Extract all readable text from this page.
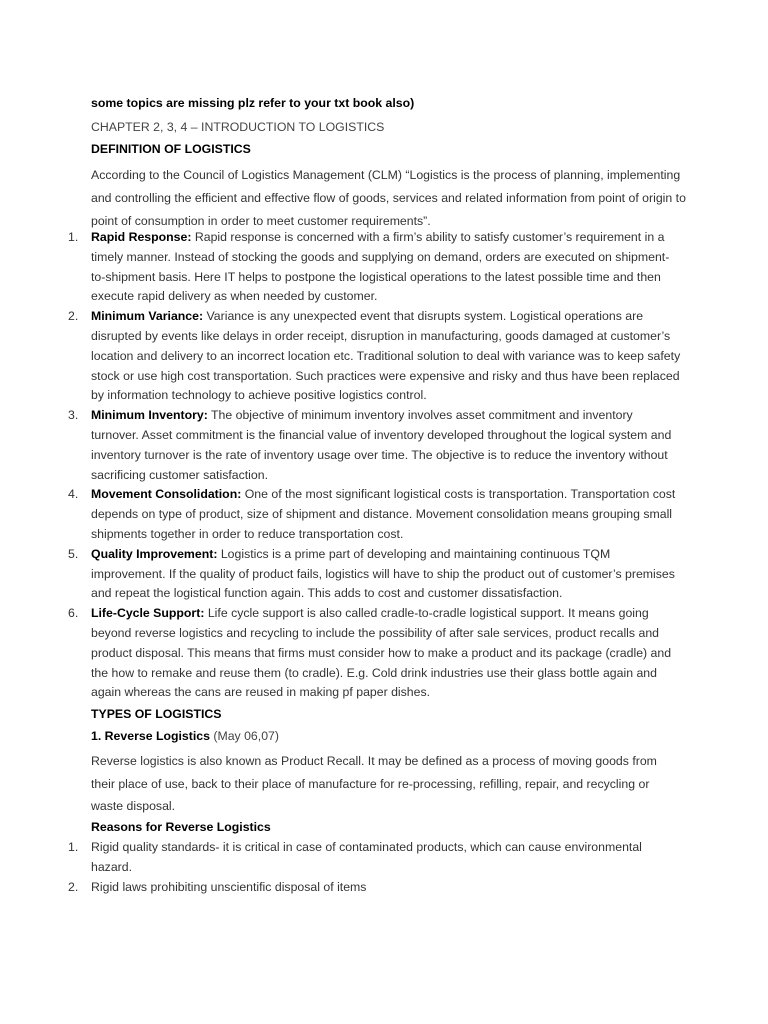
some topics are missing plz refer to your txt book also)
CHAPTER 2, 3, 4 – INTRODUCTION TO LOGISTICS
DEFINITION OF LOGISTICS
According to the Council of Logistics Management (CLM) “Logistics is the process of planning, implementing and controlling the efficient and effective flow of goods, services and related information from point of origin to point of consumption in order to meet customer requirements”.
1.	Rapid Response: Rapid response is concerned with a firm’s ability to satisfy customer’s requirement in a timely manner. Instead of stocking the goods and supplying on demand, orders are executed on shipment-to-shipment basis. Here IT helps to postpone the logistical operations to the latest possible time and then execute rapid delivery as when needed by customer.
2.	Minimum Variance: Variance is any unexpected event that disrupts system. Logistical operations are disrupted by events like delays in order receipt, disruption in manufacturing, goods damaged at customer’s location and delivery to an incorrect location etc. Traditional solution to deal with variance was to keep safety stock or use high cost transportation. Such practices were expensive and risky and thus have been replaced by information technology to achieve positive logistics control.
3.	Minimum Inventory: The objective of minimum inventory involves asset commitment and inventory turnover. Asset commitment is the financial value of inventory developed throughout the logical system and inventory turnover is the rate of inventory usage over time. The objective is to reduce the inventory without sacrificing customer satisfaction.
4.	Movement Consolidation: One of the most significant logistical costs is transportation. Transportation cost depends on type of product, size of shipment and distance. Movement consolidation means grouping small shipments together in order to reduce transportation cost.
5.	Quality Improvement: Logistics is a prime part of developing and maintaining continuous TQM improvement. If the quality of product fails, logistics will have to ship the product out of customer’s premises and repeat the logistical function again. This adds to cost and customer dissatisfaction.
6.	Life-Cycle Support: Life cycle support is also called cradle-to-cradle logistical support. It means going beyond reverse logistics and recycling to include the possibility of after sale services, product recalls and product disposal. This means that firms must consider how to make a product and its package (cradle) and the how to remake and reuse them (to cradle). E.g. Cold drink industries use their glass bottle again and again whereas the cans are reused in making pf paper dishes.
TYPES OF LOGISTICS
1. Reverse Logistics (May 06,07)
Reverse logistics is also known as Product Recall. It may be defined as a process of moving goods from their place of use, back to their place of manufacture for re-processing, refilling, repair, and recycling or waste disposal.
Reasons for Reverse Logistics
1.	Rigid quality standards- it is critical in case of contaminated products, which can cause environmental hazard.
2.	Rigid laws prohibiting unscientific disposal of items
